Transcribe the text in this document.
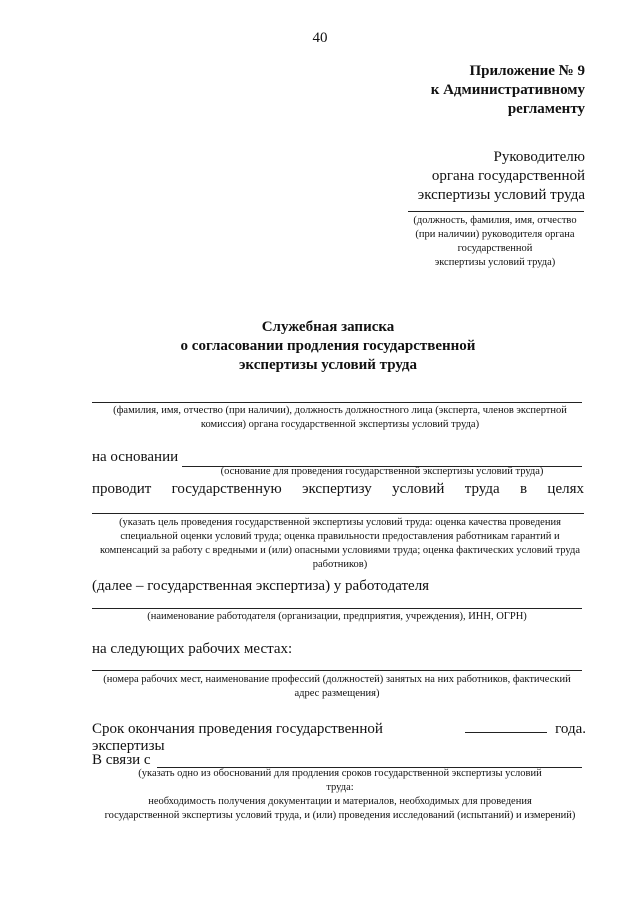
40
Приложение № 9
к Административному
регламенту
Руководителю
органа государственной
экспертизы условий труда
(должность, фамилия, имя, отчество
(при наличии) руководителя органа
государственной
экспертизы условий труда)
Служебная записка
о согласовании продления государственной
экспертизы условий труда
(фамилия, имя, отчество (при наличии), должность должностного лица (эксперта, членов экспертной
комиссия) органа государственной экспертизы условий труда)
на основании
(основание для проведения государственной экспертизы условий труда)
проводит государственную экспертизу условий труда в целях
(указать цель проведения государственной экспертизы условий труда: оценка качества проведения
специальной оценки условий труда; оценка правильности предоставления работникам гарантий и
компенсаций за работу с вредными и (или) опасными условиями труда; оценка фактических условий труда
работников)
(далее – государственная экспертиза) у работодателя
(наименование работодателя (организации, предприятия, учреждения), ИНН, ОГРН)
на следующих рабочих местах:
(номера рабочих мест, наименование профессий (должностей) занятых на них работников, фактический
адрес размещения)
Срок окончания проведения государственной экспертизы
года.
В связи с
(указать одно из обоснований для продления сроков государственной экспертизы условий
труда:
необходимость получения документации и материалов, необходимых для проведения
государственной экспертизы условий труда, и (или) проведения исследований (испытаний) и измерений)
